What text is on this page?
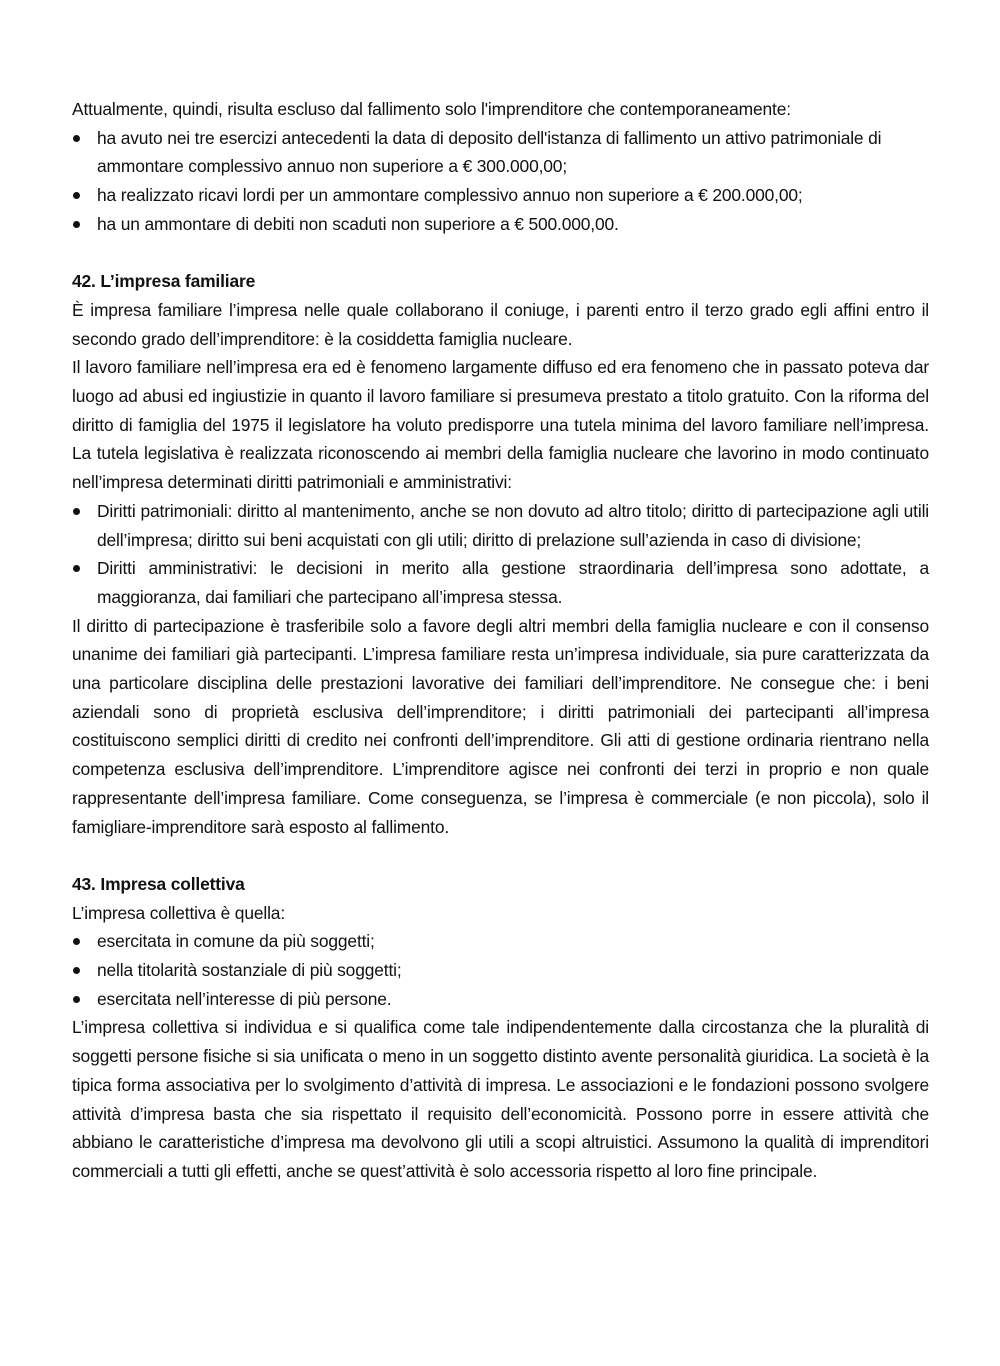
Attualmente, quindi, risulta escluso dal fallimento solo l'imprenditore che contemporaneamente:

ha avuto nei tre esercizi antecedenti la data di deposito dell'istanza di fallimento un attivo patrimoniale di ammontare complessivo annuo non superiore a € 300.000,00;
ha realizzato ricavi lordi per un ammontare complessivo annuo non superiore a € 200.000,00;
ha un ammontare di debiti non scaduti non superiore a € 500.000,00.
42. L’impresa familiare

È impresa familiare l’impresa nelle quale collaborano il coniuge, i parenti entro il terzo grado egli affini entro il secondo grado dell’imprenditore: è la cosiddetta famiglia nucleare.

Il lavoro familiare nell’impresa era ed è fenomeno largamente diffuso ed era fenomeno che in passato poteva dar luogo ad abusi ed ingiustizie in quanto il lavoro familiare si presumeva prestato a titolo gratuito. Con la riforma del diritto di famiglia del 1975 il legislatore ha voluto predisporre una tutela minima del lavoro familiare nell’impresa. La tutela legislativa è realizzata riconoscendo ai membri della famiglia nucleare che lavorino in modo continuato nell’impresa determinati diritti patrimoniali e amministrativi:

Diritti patrimoniali: diritto al mantenimento, anche se non dovuto ad altro titolo; diritto di partecipazione agli utili dell’impresa; diritto sui beni acquistati con gli utili; diritto di prelazione sull’azienda in caso di divisione;
Diritti amministrativi: le decisioni in merito alla gestione straordinaria dell’impresa sono adottate, a maggioranza, dai familiari che partecipano all’impresa stessa.

Il diritto di partecipazione è trasferibile solo a favore degli altri membri della famiglia nucleare e con il consenso unanime dei familiari già partecipanti. L’impresa familiare resta un’impresa individuale, sia pure caratterizzata da una particolare disciplina delle prestazioni lavorative dei familiari dell’imprenditore. Ne consegue che: i beni aziendali sono di proprietà esclusiva dell’imprenditore; i diritti patrimoniali dei partecipanti all’impresa costituiscono semplici diritti di credito nei confronti dell’imprenditore. Gli atti di gestione ordinaria rientrano nella competenza esclusiva dell’imprenditore. L’imprenditore agisce nei confronti dei terzi in proprio e non quale rappresentante dell’impresa familiare. Come conseguenza, se l’impresa è commerciale (e non piccola), solo il famigliare-imprenditore sarà esposto al fallimento.

43. Impresa collettiva

L’impresa collettiva è quella:

esercitata in comune da più soggetti;
nella titolarità sostanziale di più soggetti;
esercitata nell’interesse di più persone.

L’impresa collettiva si individua e si qualifica come tale indipendentemente dalla circostanza che la pluralità di soggetti persone fisiche si sia unificata o meno in un soggetto distinto avente personalità giuridica. La società è la tipica forma associativa per lo svolgimento d’attività di impresa. Le associazioni e le fondazioni possono svolgere attività d’impresa basta che sia rispettato il requisito dell’economicità. Possono porre in essere attività che abbiano le caratteristiche d’impresa ma devolvono gli utili a scopi altruistici. Assumono la qualità di imprenditori commerciali a tutti gli effetti, anche se quest’attività è solo accessoria rispetto al loro fine principale.
